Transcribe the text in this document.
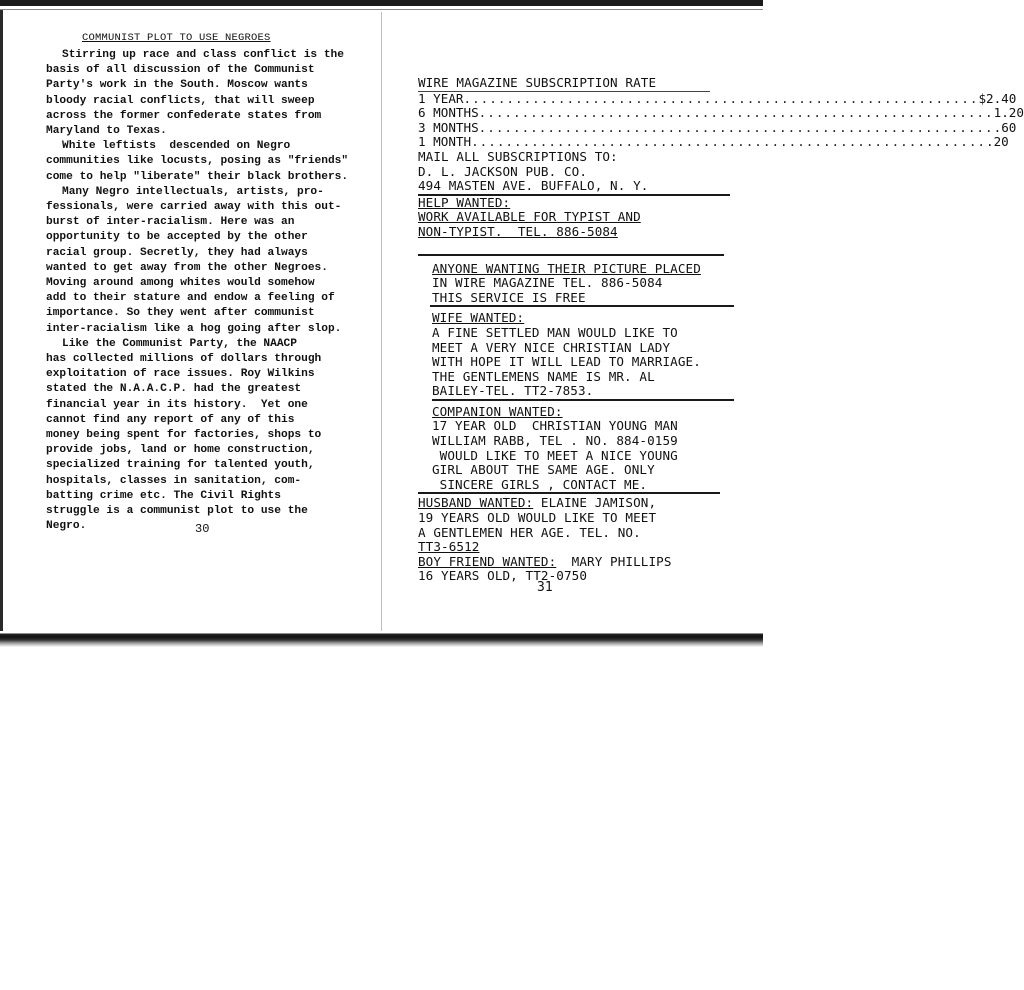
COMMUNIST PLOT TO USE NEGROES
Stirring up race and class conflict is the
basis of all discussion of the Communist
Party's work in the South. Moscow wants
bloody racial conflicts, that will sweep
across the former confederate states from
Maryland to Texas.
White leftists  descended on Negro
communities like locusts, posing as "friends"
come to help "liberate" their black brothers.
Many Negro intellectuals, artists, pro-
fessionals, were carried away with this out-
burst of inter-racialism. Here was an
opportunity to be accepted by the other
racial group. Secretly, they had always
wanted to get away from the other Negroes.
Moving around among whites would somehow
add to their stature and endow a feeling of
importance. So they went after communist
inter-racialism like a hog going after slop.
Like the Communist Party, the NAACP
has collected millions of dollars through
exploitation of race issues. Roy Wilkins
stated the N.A.A.C.P. had the greatest
financial year in its history.  Yet one
cannot find any report of any of this
money being spent for factories, shops to
provide jobs, land or home construction,
specialized training for talented youth,
hospitals, classes in sanitation, com-
batting crime etc. The Civil Rights
struggle is a communist plot to use the
Negro.	30
WIRE MAGAZINE SUBSCRIPTION RATE
1 YEAR ............................................................ $2.40
6 MONTHS ............................................................ 1.20
3 MONTHS ............................................................ .60
1 MONTH ............................................................ .20
MAIL ALL SUBSCRIPTIONS TO:
D. L. JACKSON PUB. CO.
494 MASTEN AVE. BUFFALO, N. Y.
HELP WANTED:
WORK AVAILABLE FOR TYPIST AND
NON-TYPIST.  TEL. 886-5084
ANYONE WANTING THEIR PICTURE PLACED
IN WIRE MAGAZINE TEL. 886-5084
THIS SERVICE IS FREE
WIFE WANTED:
A FINE SETTLED MAN WOULD LIKE TO
MEET A VERY NICE CHRISTIAN LADY
WITH HOPE IT WILL LEAD TO MARRIAGE.
THE GENTLEMENS NAME IS MR. AL
BAILEY-TEL. TT2-7853.
COMPANION WANTED:
17 YEAR OLD  CHRISTIAN YOUNG MAN
WILLIAM RABB, TEL . NO. 884-0159
WOULD LIKE TO MEET A NICE YOUNG
GIRL ABOUT THE SAME AGE. ONLY
SINCERE GIRLS , CONTACT ME.
HUSBAND WANTED: ELAINE JAMISON,
19 YEARS OLD WOULD LIKE TO MEET
A GENTLEMEN HER AGE. TEL. NO.
TT3-6512
BOY FRIEND WANTED:  MARY PHILLIPS
16 YEARS OLD, TT2-0750
31
